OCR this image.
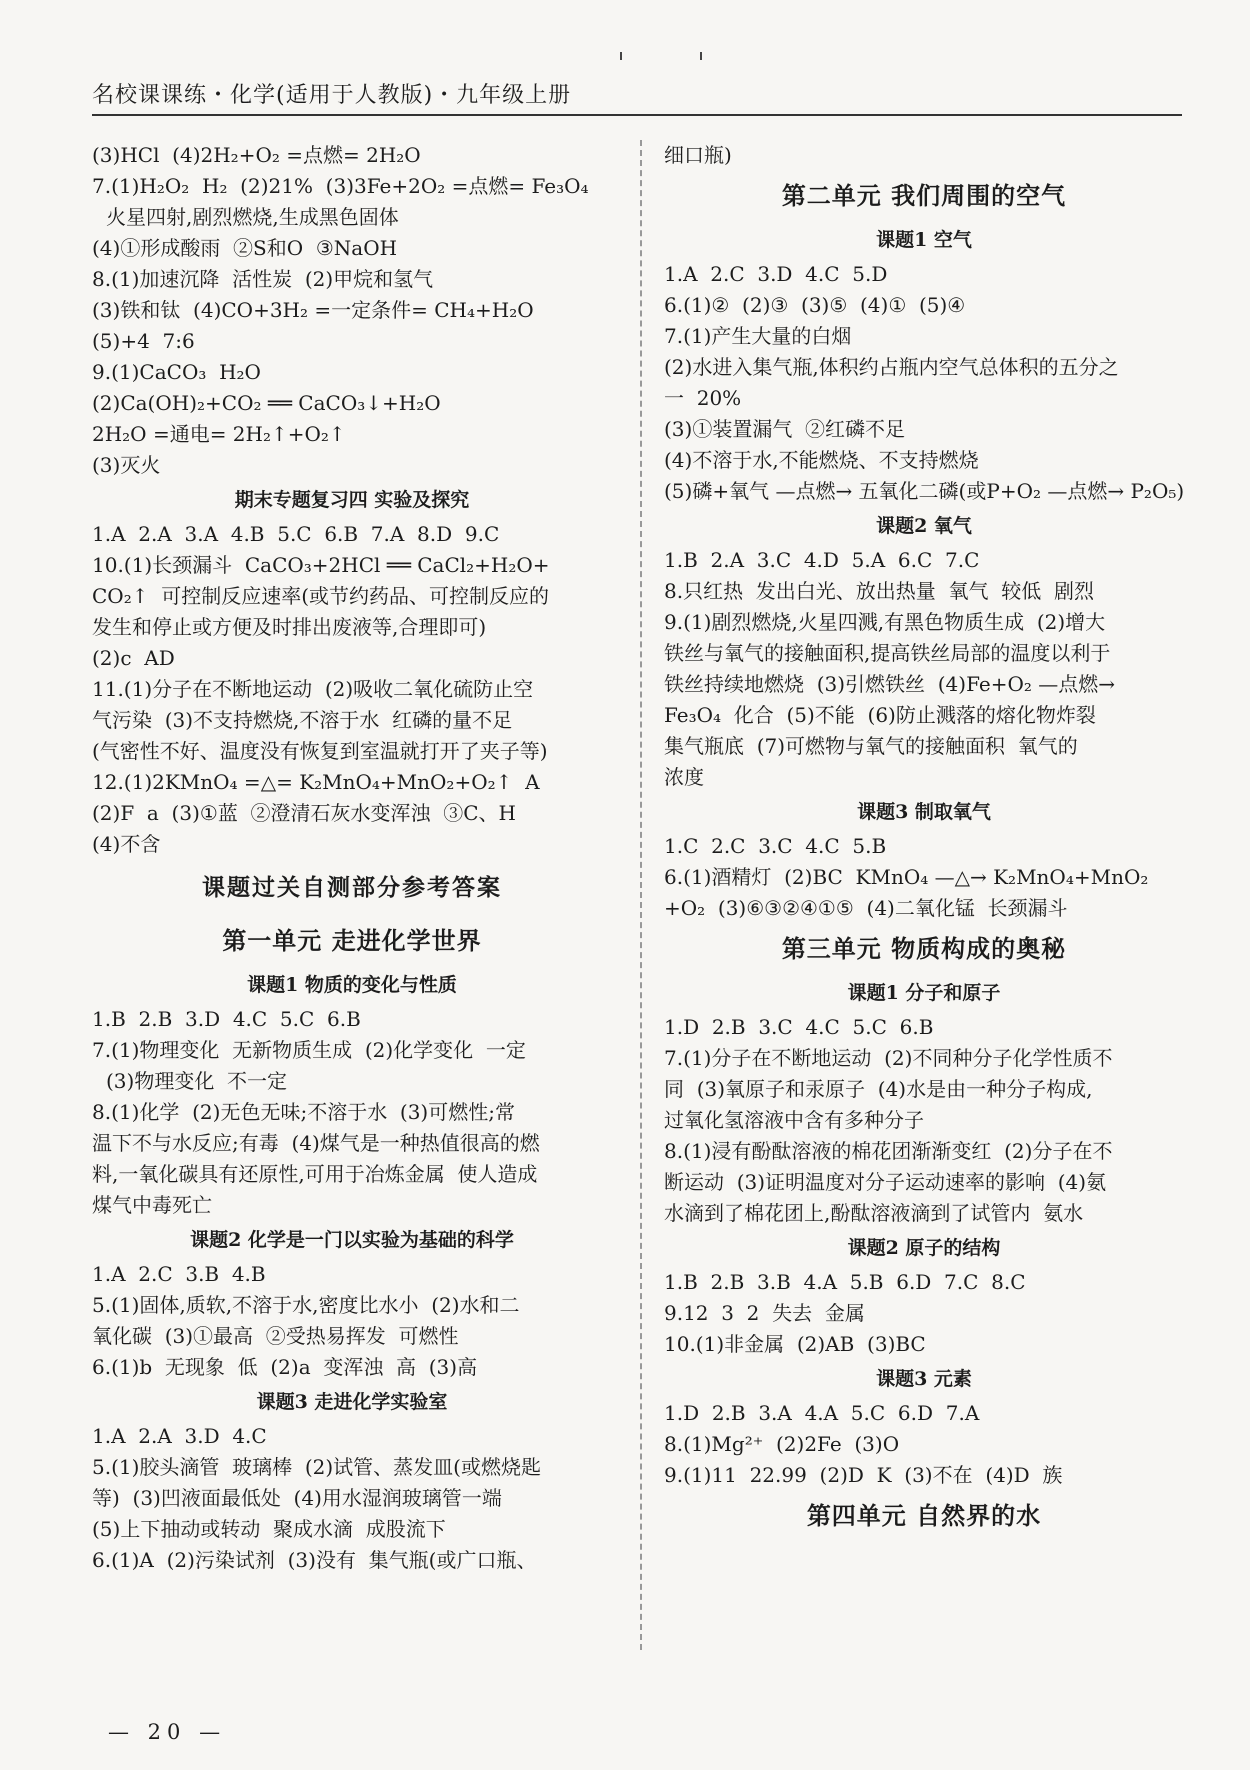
名校课课练・化学(适用于人教版)・九年级上册
(3)HCl  (4)2H₂+O₂ =点燃= 2H₂O
7.(1)H₂O₂  H₂  (2)21%  (3)3Fe+2O₂ =点燃= Fe₃O₄
火星四射,剧烈燃烧,生成黑色固体
(4)①形成酸雨  ②S和O  ③NaOH
8.(1)加速沉降  活性炭  (2)甲烷和氢气
(3)铁和钛  (4)CO+3H₂ =一定条件= CH₄+H₂O
(5)+4  7:6
9.(1)CaCO₃  H₂O
(2)Ca(OH)₂+CO₂ ══ CaCO₃↓+H₂O
2H₂O =通电= 2H₂↑+O₂↑
(3)灭火
期末专题复习四 实验及探究
1.A  2.A  3.A  4.B  5.C  6.B  7.A  8.D  9.C
10.(1)长颈漏斗  CaCO₃+2HCl ══ CaCl₂+H₂O+
CO₂↑  可控制反应速率(或节约药品、可控制反应的
发生和停止或方便及时排出废液等,合理即可)
(2)c  AD
11.(1)分子在不断地运动  (2)吸收二氧化硫防止空
气污染  (3)不支持燃烧,不溶于水  红磷的量不足
(气密性不好、温度没有恢复到室温就打开了夹子等)
12.(1)2KMnO₄ =△= K₂MnO₄+MnO₂+O₂↑  A
(2)F  a  (3)①蓝  ②澄清石灰水变浑浊  ③C、H
(4)不含
课题过关自测部分参考答案
第一单元 走进化学世界
课题1 物质的变化与性质
1.B  2.B  3.D  4.C  5.C  6.B
7.(1)物理变化  无新物质生成  (2)化学变化  一定
(3)物理变化  不一定
8.(1)化学  (2)无色无味;不溶于水  (3)可燃性;常
温下不与水反应;有毒  (4)煤气是一种热值很高的燃
料,一氧化碳具有还原性,可用于冶炼金属  使人造成
煤气中毒死亡
课题2 化学是一门以实验为基础的科学
1.A  2.C  3.B  4.B
5.(1)固体,质软,不溶于水,密度比水小  (2)水和二
氧化碳  (3)①最高  ②受热易挥发  可燃性
6.(1)b  无现象  低  (2)a  变浑浊  高  (3)高
课题3 走进化学实验室
1.A  2.A  3.D  4.C
5.(1)胶头滴管  玻璃棒  (2)试管、蒸发皿(或燃烧匙
等)  (3)凹液面最低处  (4)用水湿润玻璃管一端
(5)上下抽动或转动  聚成水滴  成股流下
6.(1)A  (2)污染试剂  (3)没有  集气瓶(或广口瓶、
细口瓶)
第二单元 我们周围的空气
课题1 空气
1.A  2.C  3.D  4.C  5.D
6.(1)②  (2)③  (3)⑤  (4)①  (5)④
7.(1)产生大量的白烟
(2)水进入集气瓶,体积约占瓶内空气总体积的五分之
一  20%
(3)①装置漏气  ②红磷不足
(4)不溶于水,不能燃烧、不支持燃烧
(5)磷+氧气 —点燃→ 五氧化二磷(或P+O₂ —点燃→ P₂O₅)
课题2 氧气
1.B  2.A  3.C  4.D  5.A  6.C  7.C
8.只红热  发出白光、放出热量  氧气  较低  剧烈
9.(1)剧烈燃烧,火星四溅,有黑色物质生成  (2)增大
铁丝与氧气的接触面积,提高铁丝局部的温度以利于
铁丝持续地燃烧  (3)引燃铁丝  (4)Fe+O₂ —点燃→
Fe₃O₄  化合  (5)不能  (6)防止溅落的熔化物炸裂
集气瓶底  (7)可燃物与氧气的接触面积  氧气的
浓度
课题3 制取氧气
1.C  2.C  3.C  4.C  5.B
6.(1)酒精灯  (2)BC  KMnO₄ —△→ K₂MnO₄+MnO₂
+O₂  (3)⑥③②④①⑤  (4)二氧化锰  长颈漏斗
第三单元 物质构成的奥秘
课题1 分子和原子
1.D  2.B  3.C  4.C  5.C  6.B
7.(1)分子在不断地运动  (2)不同种分子化学性质不
同  (3)氧原子和汞原子  (4)水是由一种分子构成,
过氧化氢溶液中含有多种分子
8.(1)浸有酚酞溶液的棉花团渐渐变红  (2)分子在不
断运动  (3)证明温度对分子运动速率的影响  (4)氨
水滴到了棉花团上,酚酞溶液滴到了试管内  氨水
课题2 原子的结构
1.B  2.B  3.B  4.A  5.B  6.D  7.C  8.C
9.12  3  2  失去  金属
10.(1)非金属  (2)AB  (3)BC
课题3 元素
1.D  2.B  3.A  4.A  5.C  6.D  7.A
8.(1)Mg²⁺  (2)2Fe  (3)O
9.(1)11  22.99  (2)D  K  (3)不在  (4)D  族
第四单元 自然界的水
— 20 —
